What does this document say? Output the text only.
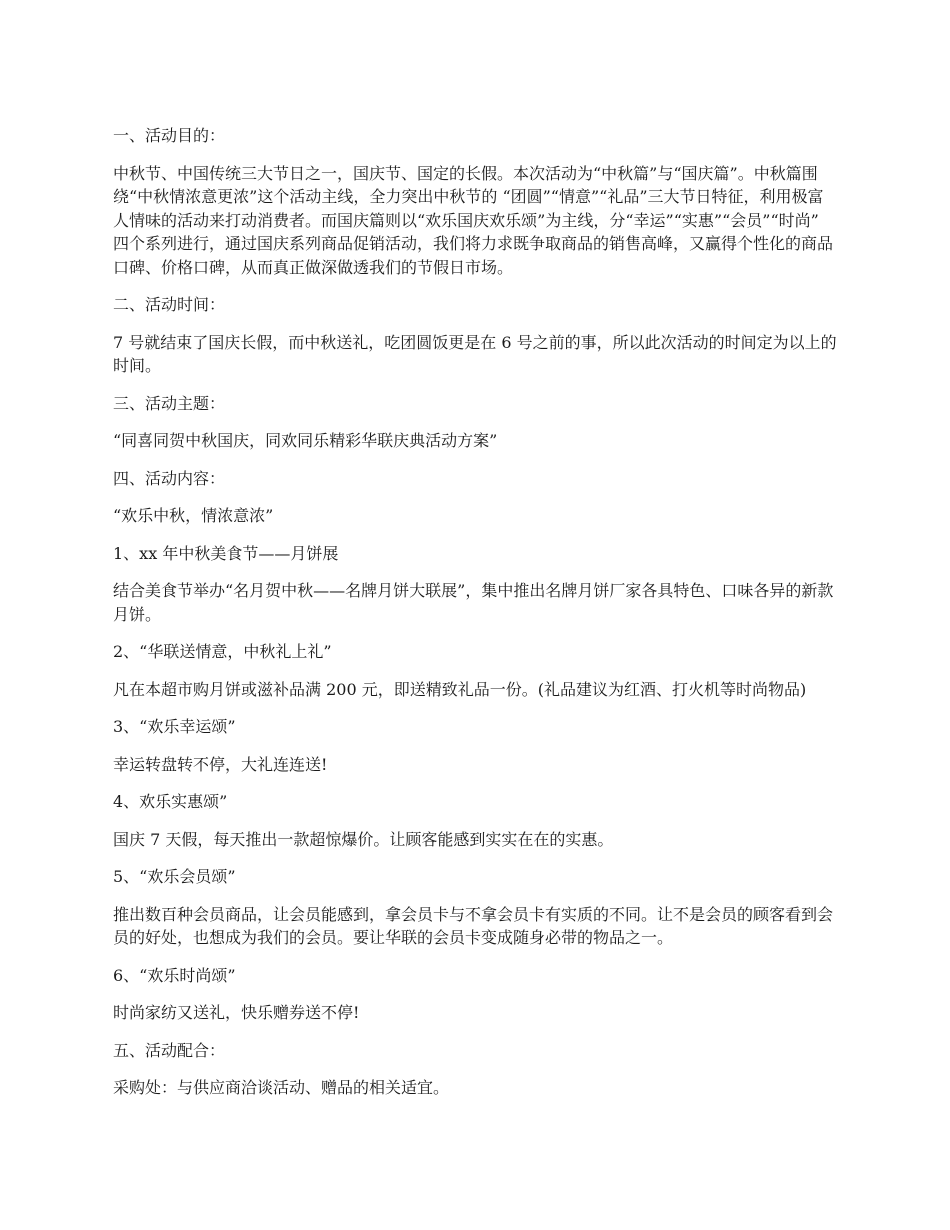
一、活动目的：

中秋节、中国传统三大节日之一，国庆节、国定的长假。本次活动为“中秋篇”与“国庆篇”。中秋篇围绕“中秋情浓意更浓”这个活动主线，全力突出中秋节的 “团圆”“情意”“礼品”三大节日特征，利用极富人情味的活动来打动消费者。而国庆篇则以“欢乐国庆欢乐颂”为主线，分“幸运”“实惠”“会员”“时尚” 四个系列进行，通过国庆系列商品促销活动，我们将力求既争取商品的销售高峰，又赢得个性化的商品口碑、价格口碑，从而真正做深做透我们的节假日市场。

二、活动时间：

7 号就结束了国庆长假，而中秋送礼，吃团圆饭更是在 6 号之前的事，所以此次活动的时间定为以上的时间。

三、活动主题：

“同喜同贺中秋国庆，同欢同乐精彩华联庆典活动方案”

四、活动内容：

“欢乐中秋，情浓意浓”

1、xx 年中秋美食节——月饼展

结合美食节举办“名月贺中秋——名牌月饼大联展”，集中推出名牌月饼厂家各具特色、口味各异的新款月饼。

2、“华联送情意，中秋礼上礼”

凡在本超市购月饼或滋补品满 200 元，即送精致礼品一份。(礼品建议为红酒、打火机等时尚物品)

3、“欢乐幸运颂”

幸运转盘转不停，大礼连连送!

4、欢乐实惠颂”

国庆 7 天假，每天推出一款超惊爆价。让顾客能感到实实在在的实惠。

5、“欢乐会员颂”

推出数百种会员商品，让会员能感到，拿会员卡与不拿会员卡有实质的不同。让不是会员的顾客看到会员的好处，也想成为我们的会员。要让华联的会员卡变成随身必带的物品之一。

6、“欢乐时尚颂”

时尚家纺又送礼，快乐赠券送不停!

五、活动配合：

采购处：与供应商洽谈活动、赠品的相关适宜。
